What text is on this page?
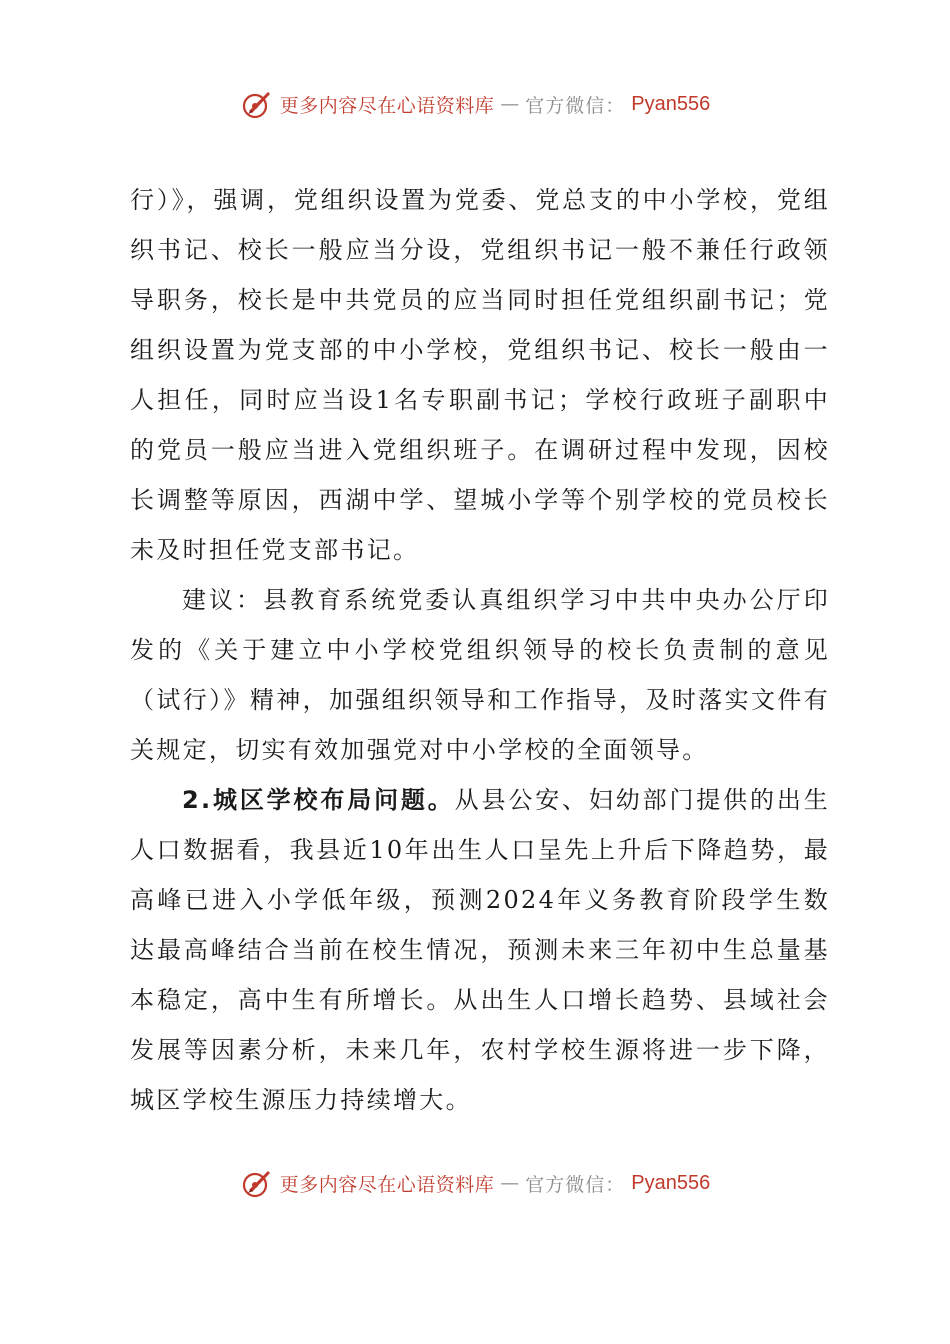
更多内容尽在心语资料库 — 官方微信： Pyan556

行）》，强调，党组织设置为党委、党总支的中小学校，党组织书记、校长一般应当分设，党组织书记一般不兼任行政领导职务，校长是中共党员的应当同时担任党组织副书记；党组织设置为党支部的中小学校，党组织书记、校长一般由一人担任，同时应当设1名专职副书记；学校行政班子副职中的党员一般应当进入党组织班子。在调研过程中发现，因校长调整等原因，西湖中学、望城小学等个别学校的党员校长未及时担任党支部书记。

建议：县教育系统党委认真组织学习中共中央办公厅印发的《关于建立中小学校党组织领导的校长负责制的意见（试行）》精神，加强组织领导和工作指导，及时落实文件有关规定，切实有效加强党对中小学校的全面领导。

2.城区学校布局问题。从县公安、妇幼部门提供的出生人口数据看，我县近10年出生人口呈先上升后下降趋势，最高峰已进入小学低年级，预测2024年义务教育阶段学生数达最高峰结合当前在校生情况，预测未来三年初中生总量基本稳定，高中生有所增长。从出生人口增长趋势、县域社会发展等因素分析，未来几年，农村学校生源将进一步下降，城区学校生源压力持续增大。

更多内容尽在心语资料库 — 官方微信： Pyan556
